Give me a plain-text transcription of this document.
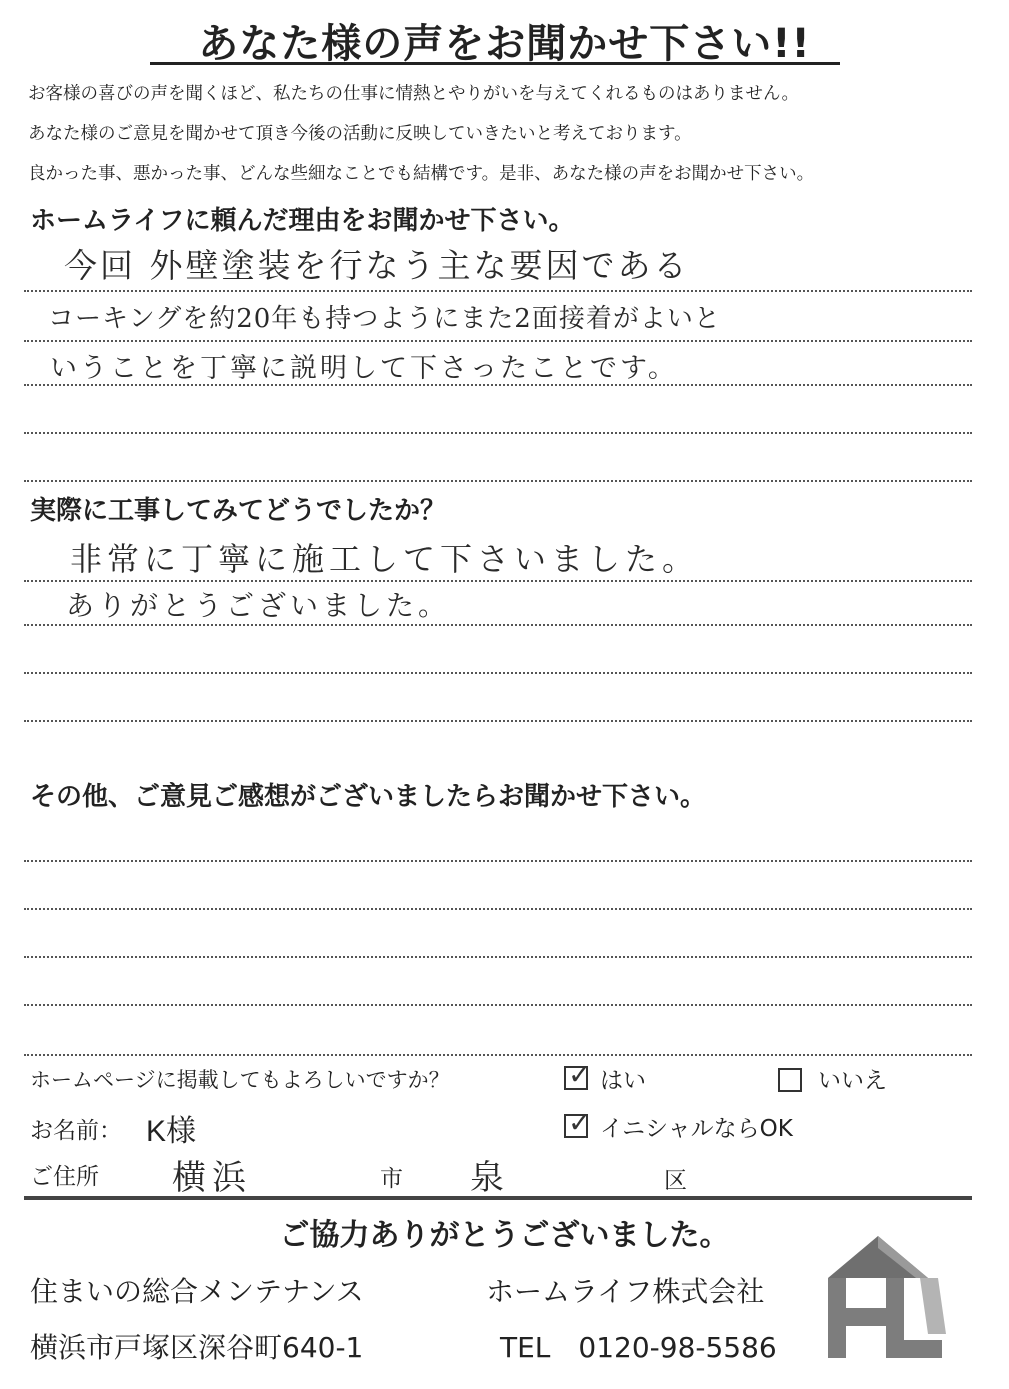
あなた様の声をお聞かせ下さい!!
お客様の喜びの声を聞くほど、私たちの仕事に情熱とやりがいを与えてくれるものはありません。
あなた様のご意見を聞かせて頂き今後の活動に反映していきたいと考えております。
良かった事、悪かった事、どんな些細なことでも結構です。是非、あなた様の声をお聞かせ下さい。
ホームライフに頼んだ理由をお聞かせ下さい。
今回 外壁塗装を行なう主な要因である
コーキングを約20年も持つようにまた2面接着がよいと
いうことを丁寧に説明して下さったことです。
実際に工事してみてどうでしたか？
非常に丁寧に施工して下さいました。
ありがとうございました。
その他、ご意見ご感想がございましたらお聞かせ下さい。
ホームページに掲載してもよろしいですか？ ✓	はい	いいえ
お名前： K様 ✓	イニシャルならOK
ご住所 横浜	市 泉	区
ご協力ありがとうございました。
住まいの総合メンテナンス	ホームライフ株式会社
横浜市戸塚区深谷町640-1	TEL　0120-98-5586
HL
